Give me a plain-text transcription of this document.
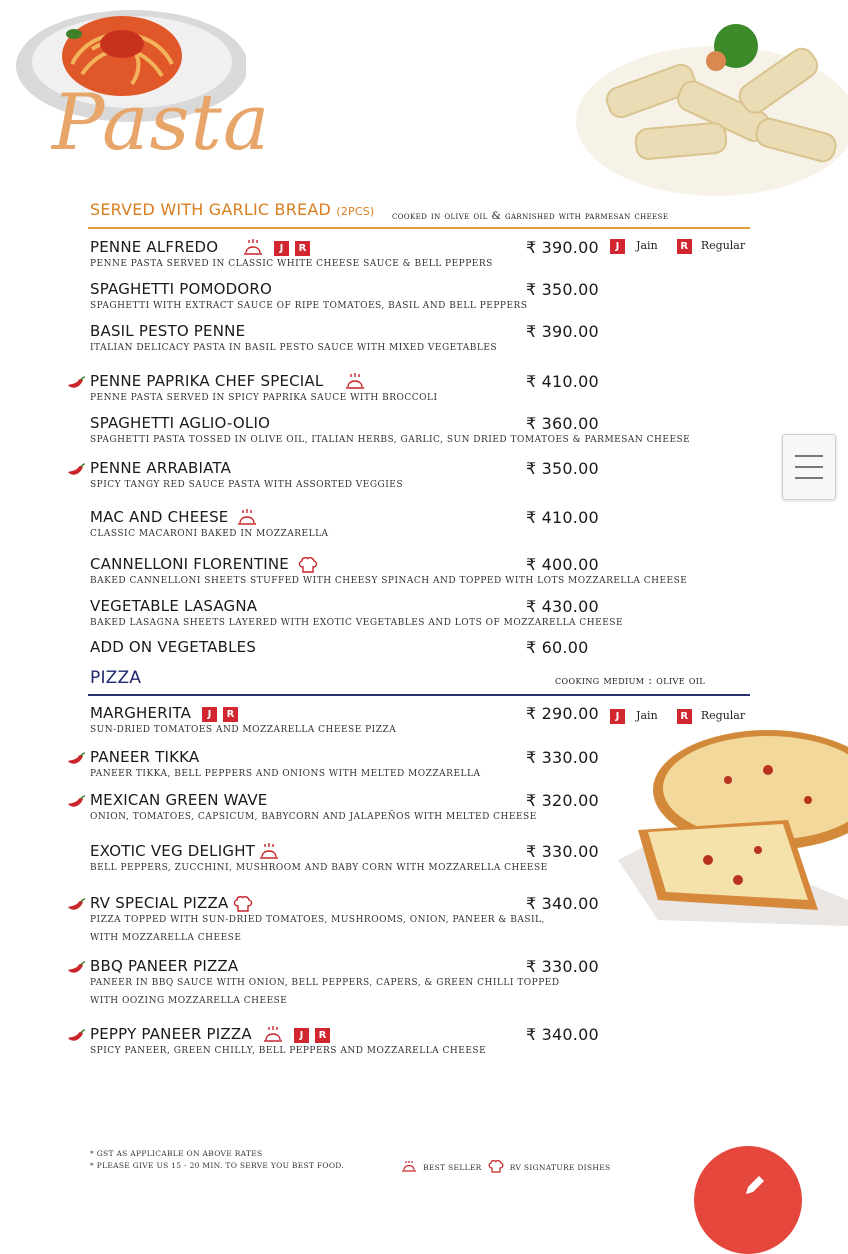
Pasta
SERVED WITH GARLIC BREAD (2PCS) cooked in olive oil & garnished with parmesan cheese
J Jain R Regular
PENNE ALFREDO	J R	₹ 390.00
PENNE PASTA SERVED IN CLASSIC WHITE CHEESE SAUCE & BELL PEPPERS
SPAGHETTI POMODORO	₹ 350.00
SPAGHETTI WITH EXTRACT SAUCE OF RIPE TOMATOES, BASIL AND BELL PEPPERS
BASIL PESTO PENNE	₹ 390.00
ITALIAN DELICACY PASTA IN BASIL PESTO SAUCE WITH MIXED VEGETABLES
PENNE PAPRIKA CHEF SPECIAL	₹ 410.00
PENNE PASTA SERVED IN SPICY PAPRIKA SAUCE WITH BROCCOLI
SPAGHETTI AGLIO-OLIO	₹ 360.00
SPAGHETTI PASTA TOSSED IN OLIVE OIL, ITALIAN HERBS, GARLIC, SUN DRIED TOMATOES & PARMESAN CHEESE
PENNE ARRABIATA	₹ 350.00
SPICY TANGY RED SAUCE PASTA WITH ASSORTED VEGGIES
MAC AND CHEESE	₹ 410.00
CLASSIC MACARONI BAKED IN MOZZARELLA
CANNELLONI FLORENTINE	₹ 400.00
BAKED CANNELLONI SHEETS STUFFED WITH CHEESY SPINACH AND TOPPED WITH LOTS MOZZARELLA CHEESE
VEGETABLE LASAGNA	₹ 430.00
BAKED LASAGNA SHEETS LAYERED WITH EXOTIC VEGETABLES AND LOTS OF MOZZARELLA CHEESE
ADD ON VEGETABLES	₹ 60.00
PIZZA	cooking medium : olive oil
J Jain R Regular
MARGHERITA	J R	₹ 290.00
SUN-DRIED TOMATOES AND MOZZARELLA CHEESE PIZZA
PANEER TIKKA	₹ 330.00
PANEER TIKKA, BELL PEPPERS AND ONIONS WITH MELTED MOZZARELLA
MEXICAN GREEN WAVE	₹ 320.00
ONION, TOMATOES, CAPSICUM, BABYCORN AND JALAPEÑOS WITH MELTED CHEESE
EXOTIC VEG DELIGHT	₹ 330.00
BELL PEPPERS, ZUCCHINI, MUSHROOM AND BABY CORN WITH MOZZARELLA CHEESE
RV SPECIAL PIZZA	₹ 340.00
PIZZA TOPPED WITH SUN-DRIED TOMATOES, MUSHROOMS, ONION, PANEER & BASIL,
WITH MOZZARELLA CHEESE
BBQ PANEER PIZZA	₹ 330.00
PANEER IN BBQ SAUCE WITH ONION, BELL PEPPERS, CAPERS, & GREEN CHILLI TOPPED
WITH OOZING MOZZARELLA CHEESE
PEPPY PANEER PIZZA	J R	₹ 340.00
SPICY PANEER, GREEN CHILLY, BELL PEPPERS AND MOZZARELLA CHEESE
* GST AS APPLICABLE ON ABOVE RATES
* PLEASE GIVE US 15 - 20 MIN. TO SERVE YOU BEST FOOD.	BEST SELLER	RV SIGNATURE DISHES
